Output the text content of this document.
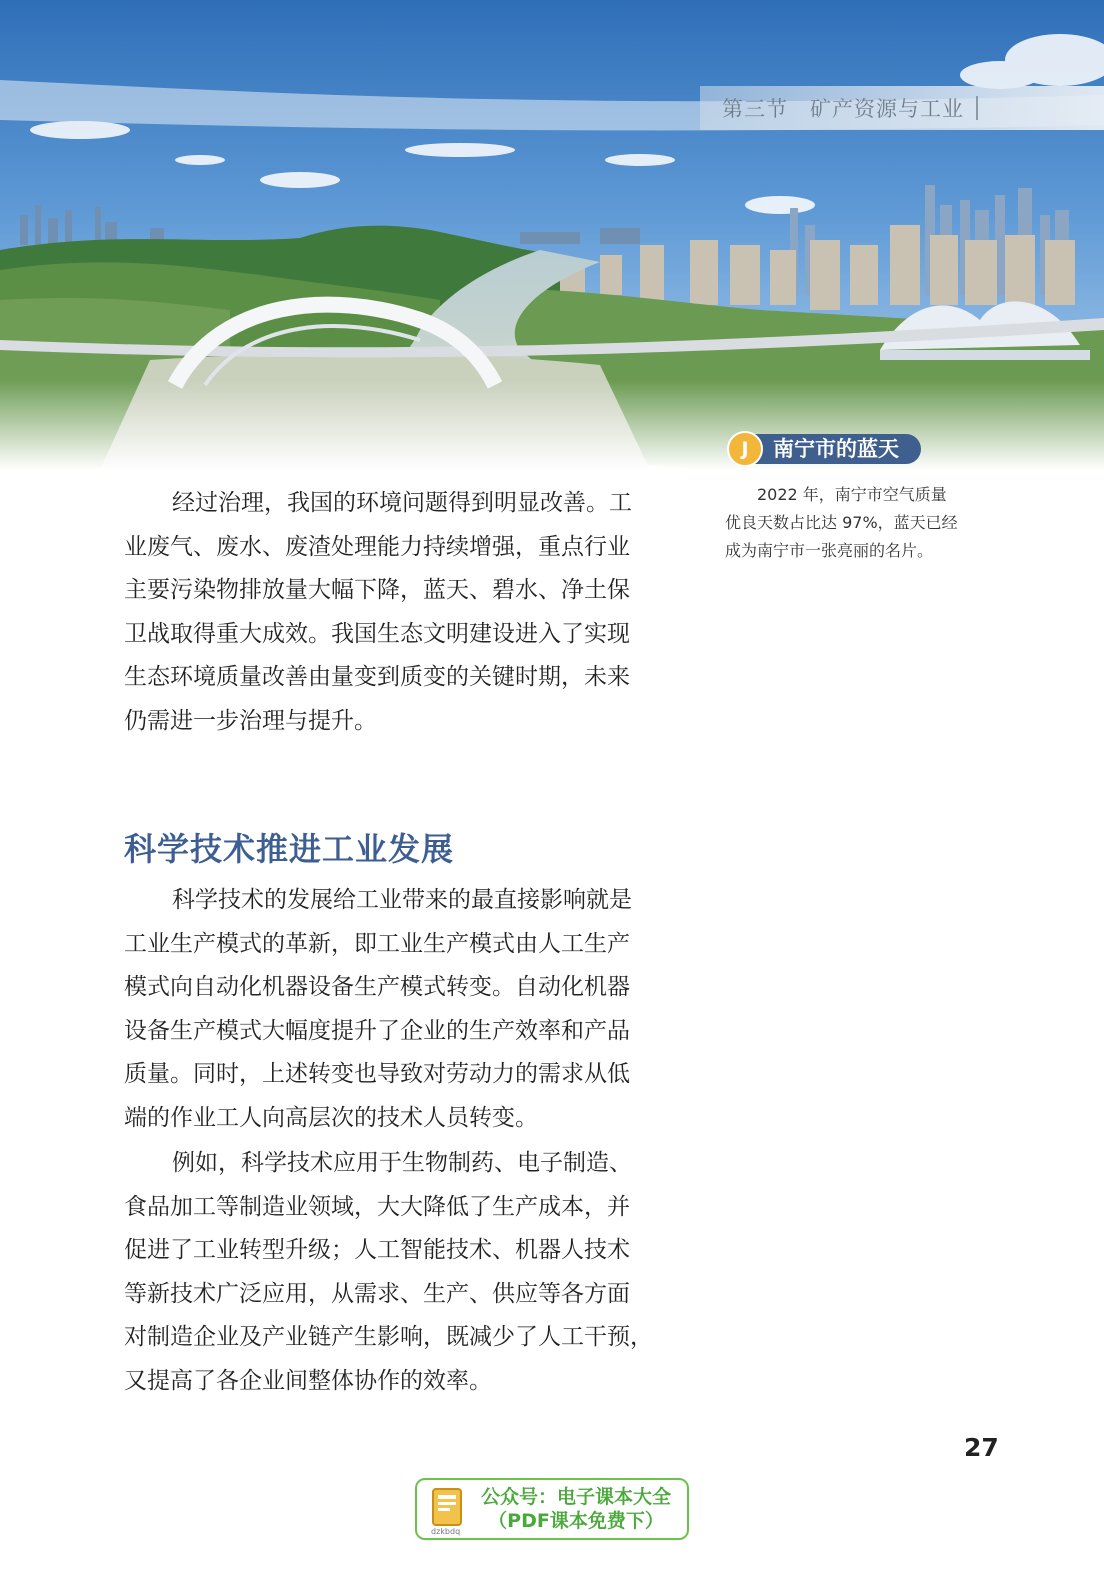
第三节　矿产资源与工业
J	南宁市的蓝天

2022 年，南宁市空气质量

优良天数占比达 97%，蓝天已经

成为南宁市一张亮丽的名片。

经过治理，我国的环境问题得到明显改善。工

业废气、废水、废渣处理能力持续增强，重点行业

主要污染物排放量大幅下降，蓝天、碧水、净土保

卫战取得重大成效。我国生态文明建设进入了实现

生态环境质量改善由量变到质变的关键时期，未来

仍需进一步治理与提升。

科学技术推进工业发展

科学技术的发展给工业带来的最直接影响就是

工业生产模式的革新，即工业生产模式由人工生产

模式向自动化机器设备生产模式转变。自动化机器

设备生产模式大幅度提升了企业的生产效率和产品

质量。同时，上述转变也导致对劳动力的需求从低

端的作业工人向高层次的技术人员转变。

例如，科学技术应用于生物制药、电子制造、

食品加工等制造业领域，大大降低了生产成本，并

促进了工业转型升级；人工智能技术、机器人技术

等新技术广泛应用，从需求、生产、供应等各方面

对制造企业及产业链产生影响，既减少了人工干预，

又提高了各企业间整体协作的效率。

27
公众号：电子课本大全
（PDF课本免费下）
dzkbdq
